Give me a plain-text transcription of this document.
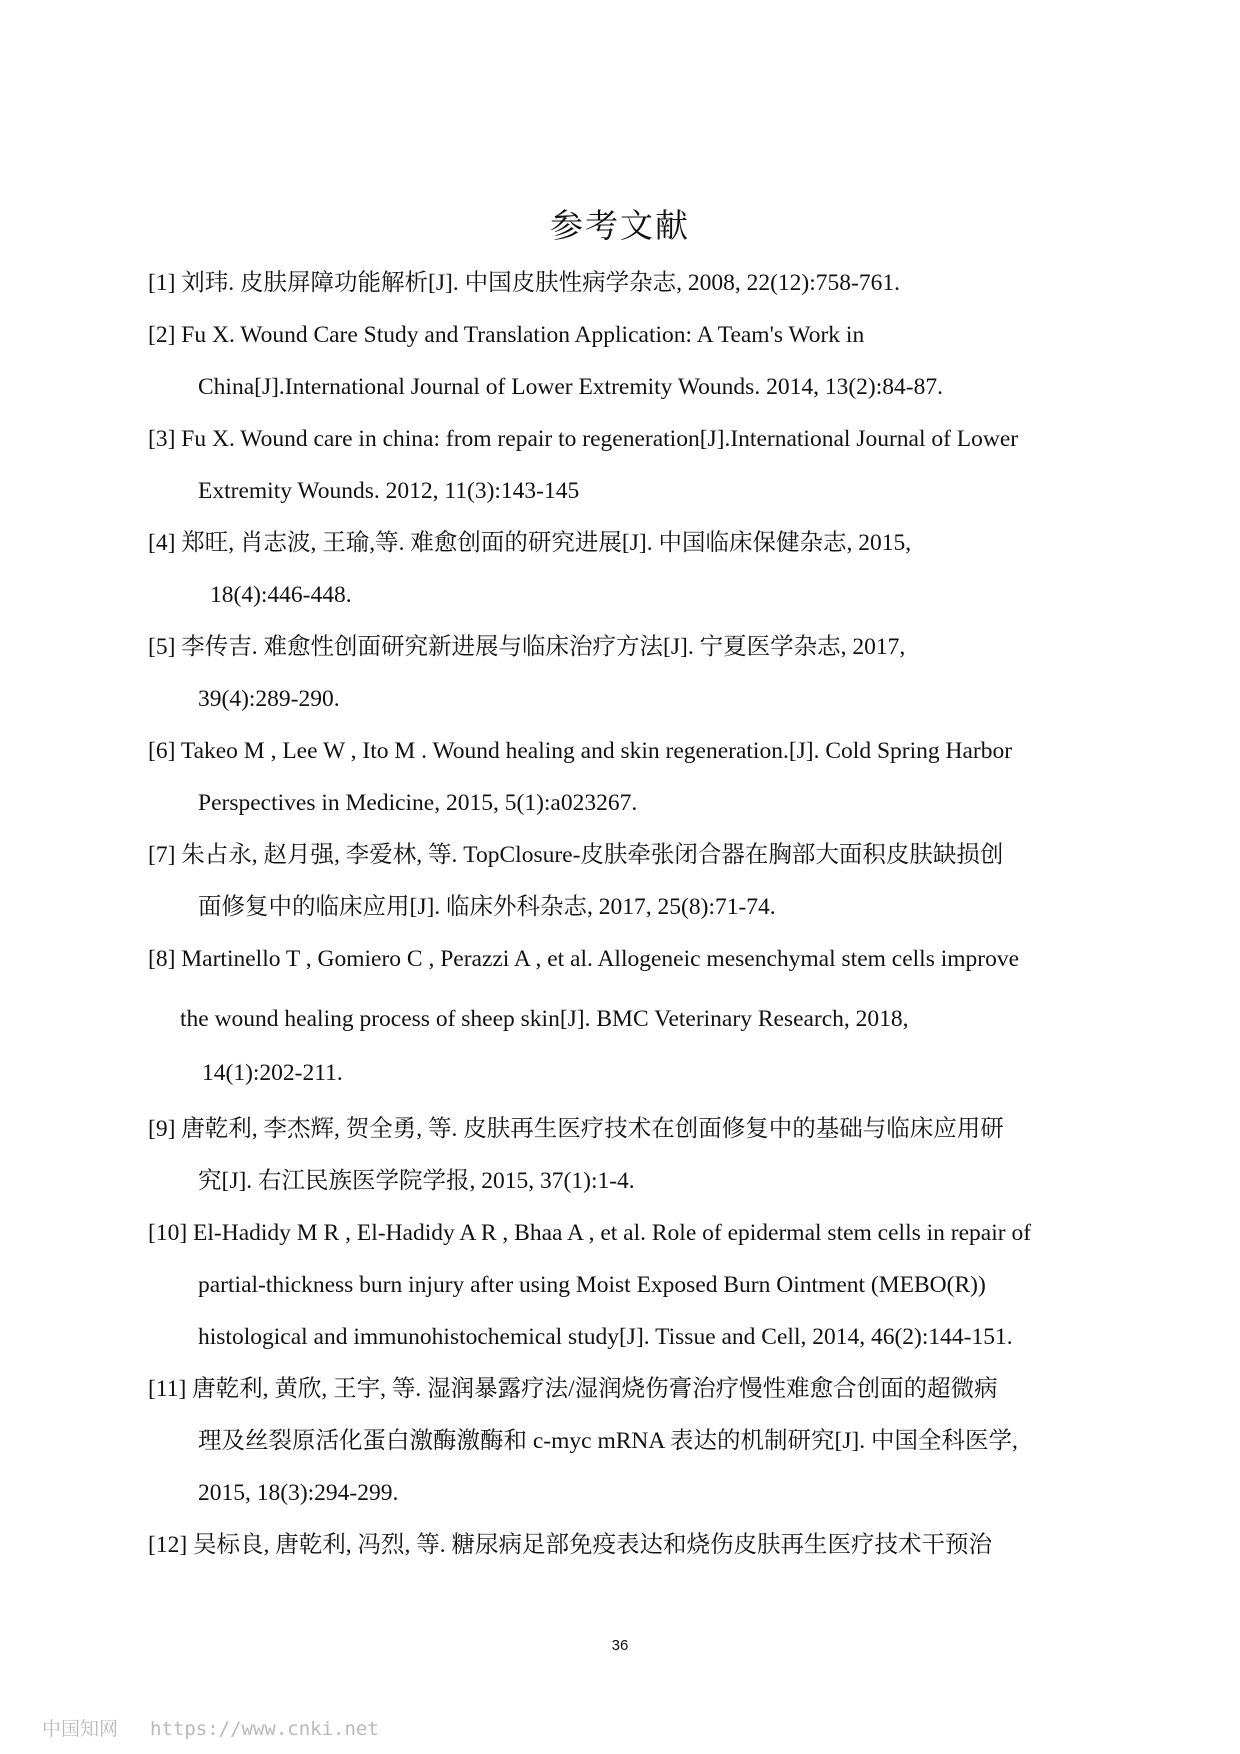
参考文献
[1] 刘玮. 皮肤屏障功能解析[J]. 中国皮肤性病学杂志, 2008, 22(12):758-761.
[2] Fu X. Wound Care Study and Translation Application: A Team's Work in
China[J].International Journal of Lower Extremity Wounds. 2014, 13(2):84-87.
[3] Fu X. Wound care in china: from repair to regeneration[J].International Journal of Lower
Extremity Wounds. 2012, 11(3):143-145
[4] 郑旺, 肖志波, 王瑜,等. 难愈创面的研究进展[J]. 中国临床保健杂志, 2015,
18(4):446-448.
[5] 李传吉. 难愈性创面研究新进展与临床治疗方法[J]. 宁夏医学杂志, 2017,
39(4):289-290.
[6] Takeo M , Lee W , Ito M . Wound healing and skin regeneration.[J]. Cold Spring Harbor
Perspectives in Medicine, 2015, 5(1):a023267.
[7] 朱占永, 赵月强, 李爱林, 等. TopClosure-皮肤牵张闭合器在胸部大面积皮肤缺损创
面修复中的临床应用[J]. 临床外科杂志, 2017, 25(8):71-74.
[8] Martinello T , Gomiero C , Perazzi A , et al. Allogeneic mesenchymal stem cells improve
the wound healing process of sheep skin[J]. BMC Veterinary Research, 2018,
14(1):202-211.
[9] 唐乾利, 李杰辉, 贺全勇, 等. 皮肤再生医疗技术在创面修复中的基础与临床应用研
究[J]. 右江民族医学院学报, 2015, 37(1):1-4.
[10] El-Hadidy M R , El-Hadidy A R , Bhaa A , et al. Role of epidermal stem cells in repair of
partial-thickness burn injury after using Moist Exposed Burn Ointment (MEBO(R))
histological and immunohistochemical study[J]. Tissue and Cell, 2014, 46(2):144-151.
[11] 唐乾利, 黄欣, 王宇, 等. 湿润暴露疗法/湿润烧伤膏治疗慢性难愈合创面的超微病
理及丝裂原活化蛋白激酶激酶和 c-myc mRNA 表达的机制研究[J]. 中国全科医学,
2015, 18(3):294-299.
[12] 吴标良, 唐乾利, 冯烈, 等. 糖尿病足部免疫表达和烧伤皮肤再生医疗技术干预治
36
中国知网 https://www.cnki.net
